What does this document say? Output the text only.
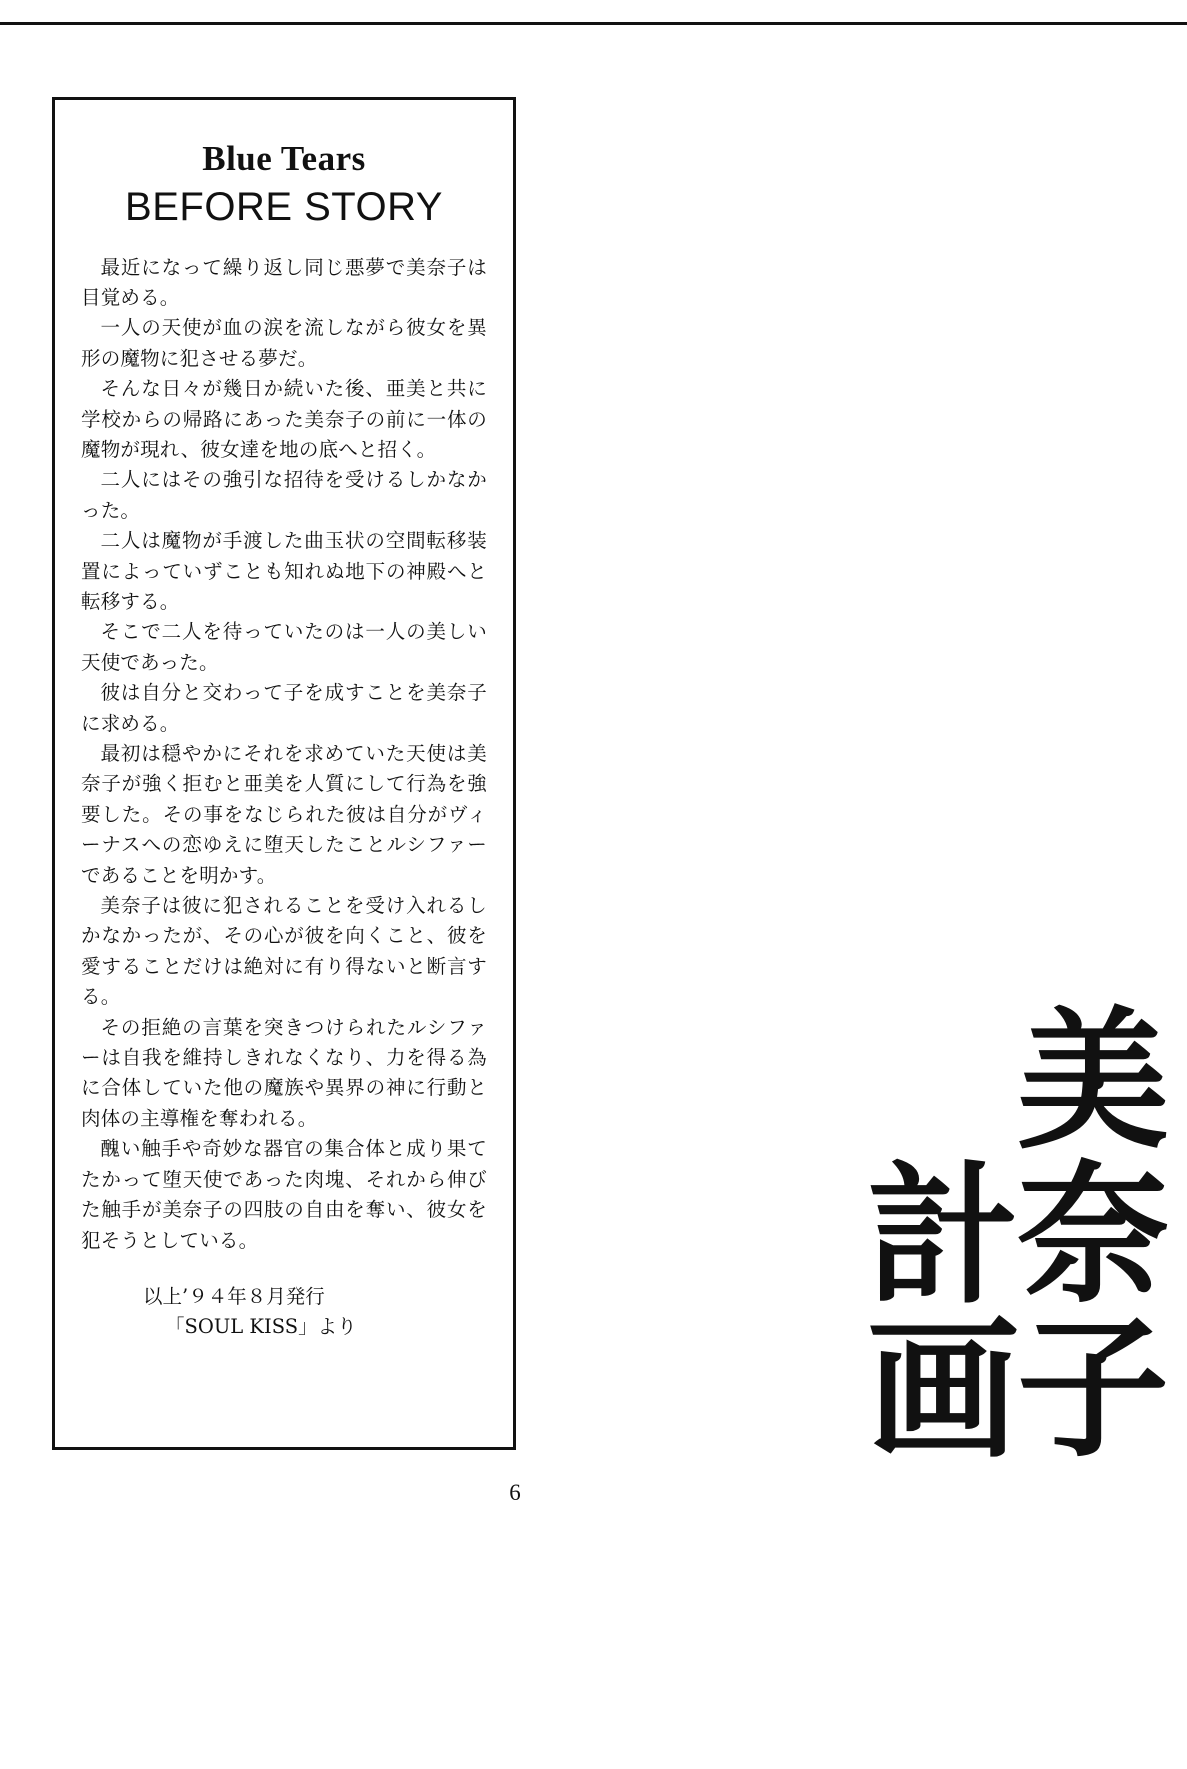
Blue Tears
BEFORE STORY

最近になって繰り返し同じ悪夢で美奈子は目覚める。

一人の天使が血の涙を流しながら彼女を異形の魔物に犯させる夢だ。

そんな日々が幾日か続いた後、亜美と共に学校からの帰路にあった美奈子の前に一体の魔物が現れ、彼女達を地の底へと招く。

二人にはその強引な招待を受けるしかなかった。

二人は魔物が手渡した曲玉状の空間転移装置によっていずことも知れぬ地下の神殿へと転移する。

そこで二人を待っていたのは一人の美しい天使であった。

彼は自分と交わって子を成すことを美奈子に求める。

最初は穏やかにそれを求めていた天使は美奈子が強く拒むと亜美を人質にして行為を強要した。その事をなじられた彼は自分がヴィーナスへの恋ゆえに堕天したことルシファーであることを明かす。

美奈子は彼に犯されることを受け入れるしかなかったが、その心が彼を向くこと、彼を愛することだけは絶対に有り得ないと断言する。

その拒絶の言葉を突きつけられたルシファーは自我を維持しきれなくなり、力を得る為に合体していた他の魔族や異界の神に行動と肉体の主導権を奪われる。

醜い触手や奇妙な器官の集合体と成り果てたかって堕天使であった肉塊、それから伸びた触手が美奈子の四肢の自由を奪い、彼女を犯そうとしている。

以上’９４年８月発行
「SOUL KISS」より	美奈子
計画
6
